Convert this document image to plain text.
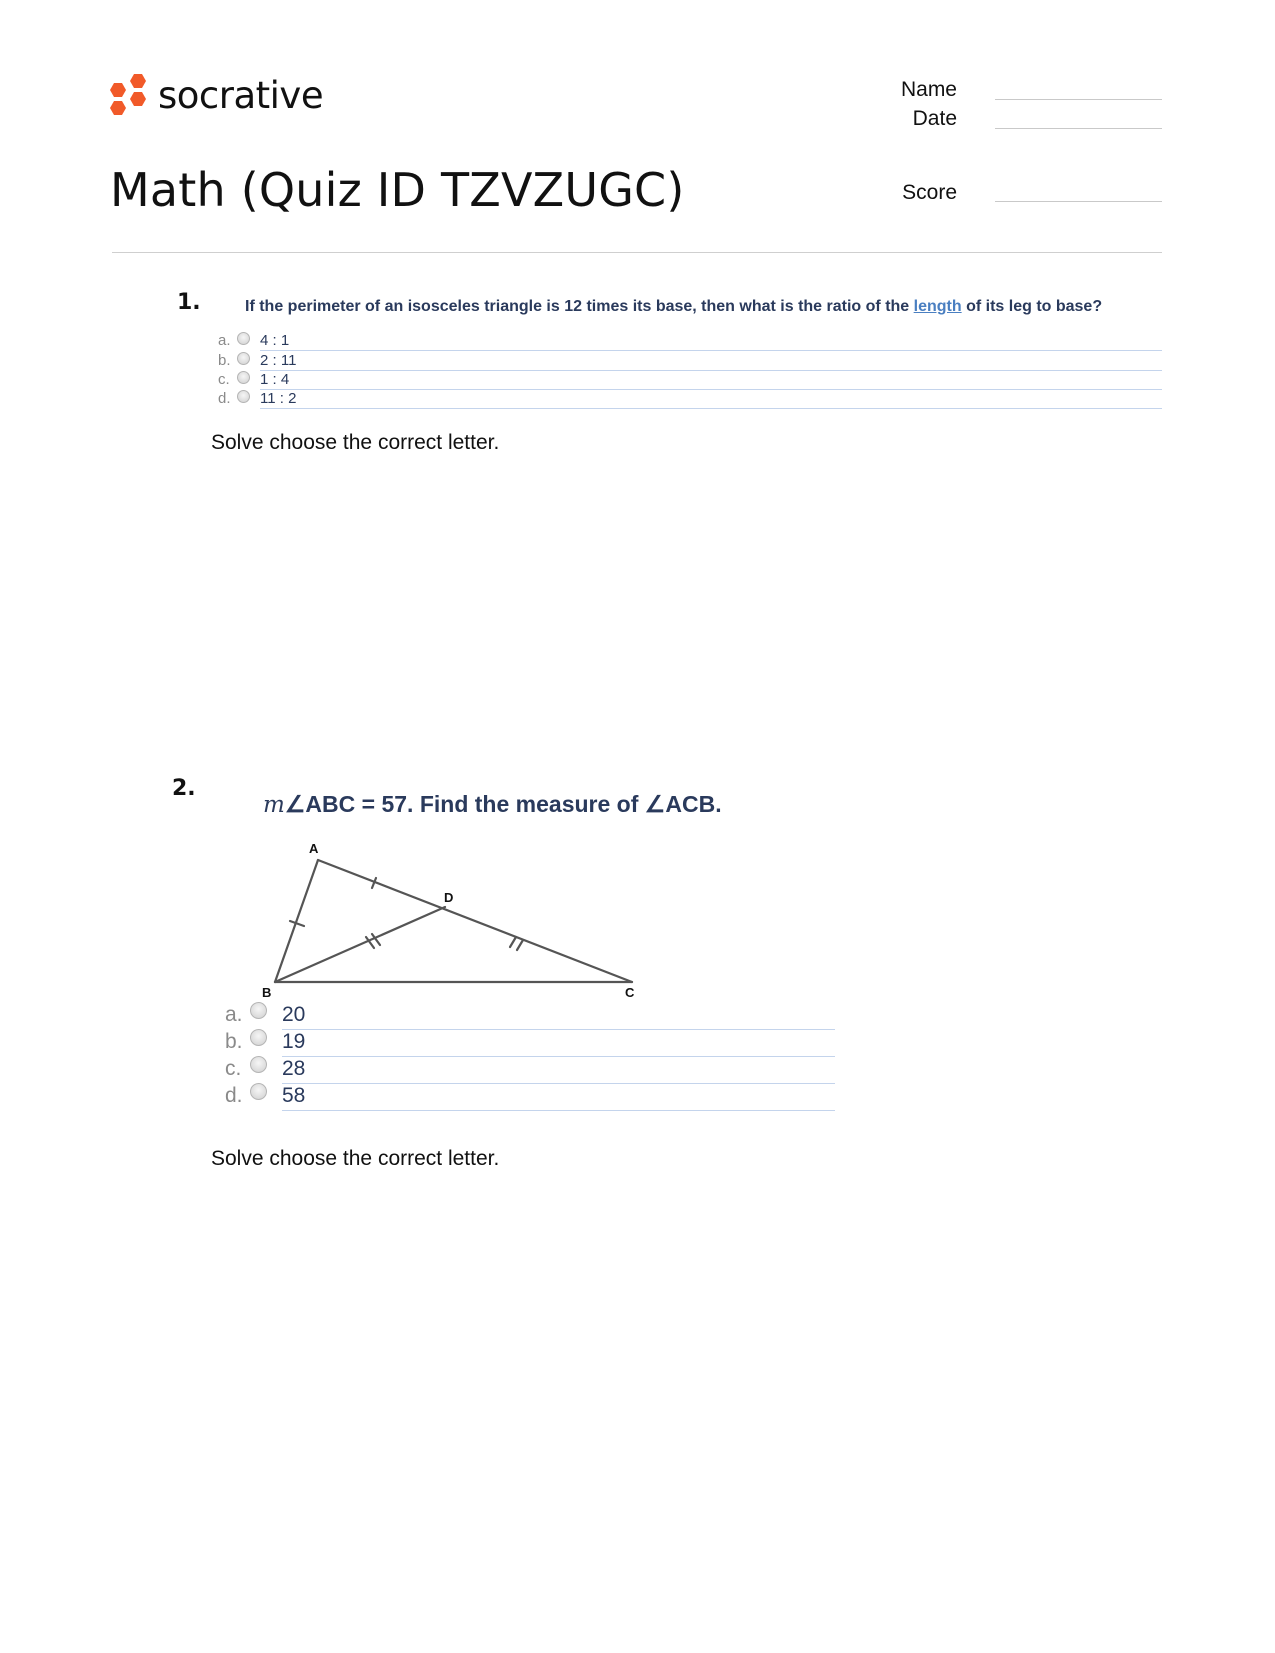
socrative
Math (Quiz ID TZVZUGC)
Name
Date
Score
1.	If the perimeter of an isosceles triangle is 12 times its base, then what is the ratio of the length of its leg to base?
a. 4 : 1
b. 2 : 11
c. 1 : 4
d. 11 : 2
Solve choose the correct letter.
2.
m∠ABC = 57. Find the measure of ∠ACB.
A
D
B	C
a. 20
b. 19
c. 28
d. 58
Solve choose the correct letter.
